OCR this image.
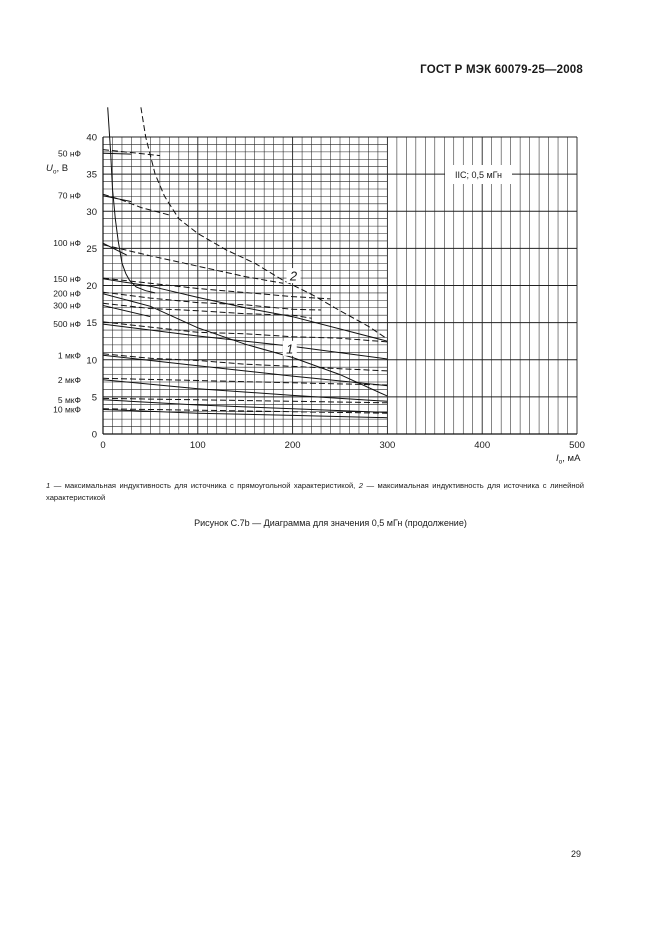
ГОСТ Р МЭК 60079-25—2008
0
5
10
15
20
25
30
35
40
0	100	200	300	400	500
50 нФ
70 нФ
100 нФ
150 нФ
200 нФ
300 нФ
500 нФ
1 мкФ
2 мкФ
5 мкФ
10 мкФ
$U_o$, В
$I_o$, мА
IIC; 0,5 мГн
1
2
1 — максимальная индуктивность для источника с прямоугольной характеристикой, 2 — максимальная индуктивность для источника с линейной характеристикой
Рисунок С.7b — Диаграмма для значения 0,5 мГн (продолжение)
29
